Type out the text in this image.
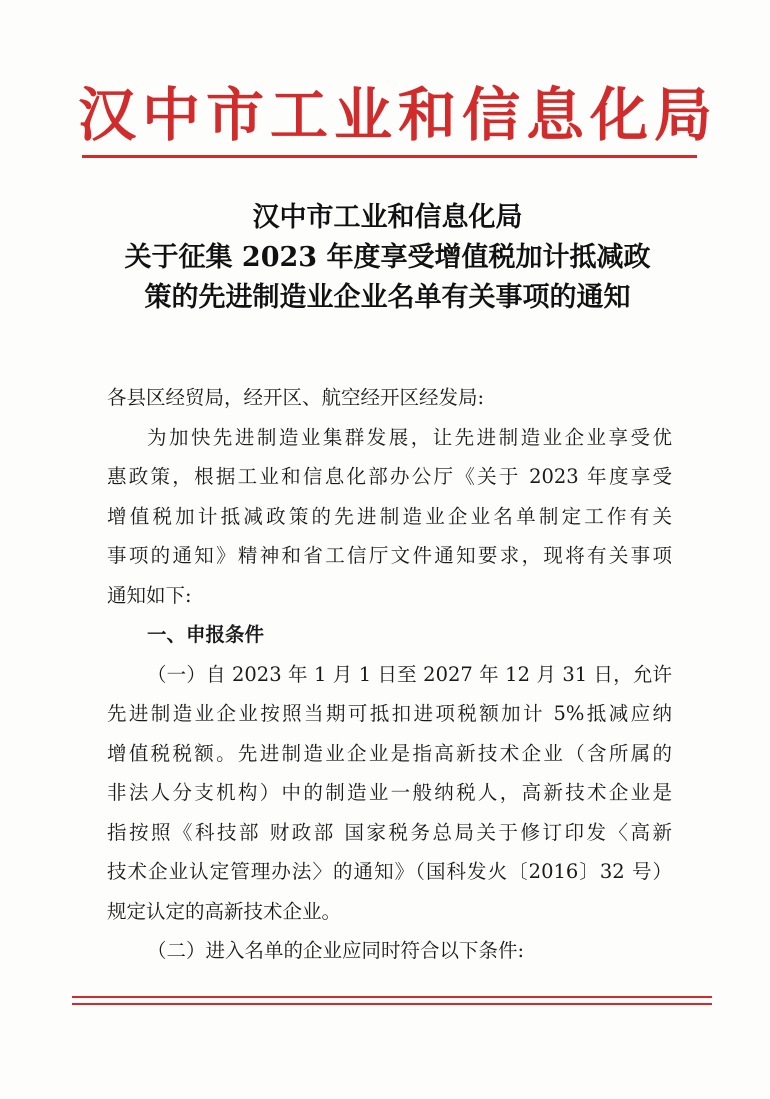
汉中市工业和信息化局
汉中市工业和信息化局
关于征集 2023 年度享受增值税加计抵减政
策的先进制造业企业名单有关事项的通知
各县区经贸局，经开区、航空经开区经发局:
为加快先进制造业集群发展，让先进制造业企业享受优
惠政策，根据工业和信息化部办公厅《关于 2023 年度享受
增值税加计抵减政策的先进制造业企业名单制定工作有关
事项的通知》精神和省工信厅文件通知要求，现将有关事项
通知如下:
一、申报条件
（一）自 2023 年 1 月 1 日至 2027 年 12 月 31 日，允许
先进制造业企业按照当期可抵扣进项税额加计 5%抵减应纳
增值税税额。先进制造业企业是指高新技术企业（含所属的
非法人分支机构）中的制造业一般纳税人，高新技术企业是
指按照《科技部 财政部 国家税务总局关于修订印发〈高新
技术企业认定管理办法〉的通知》（国科发火〔2016〕32 号）
规定认定的高新技术企业。
（二）进入名单的企业应同时符合以下条件:
